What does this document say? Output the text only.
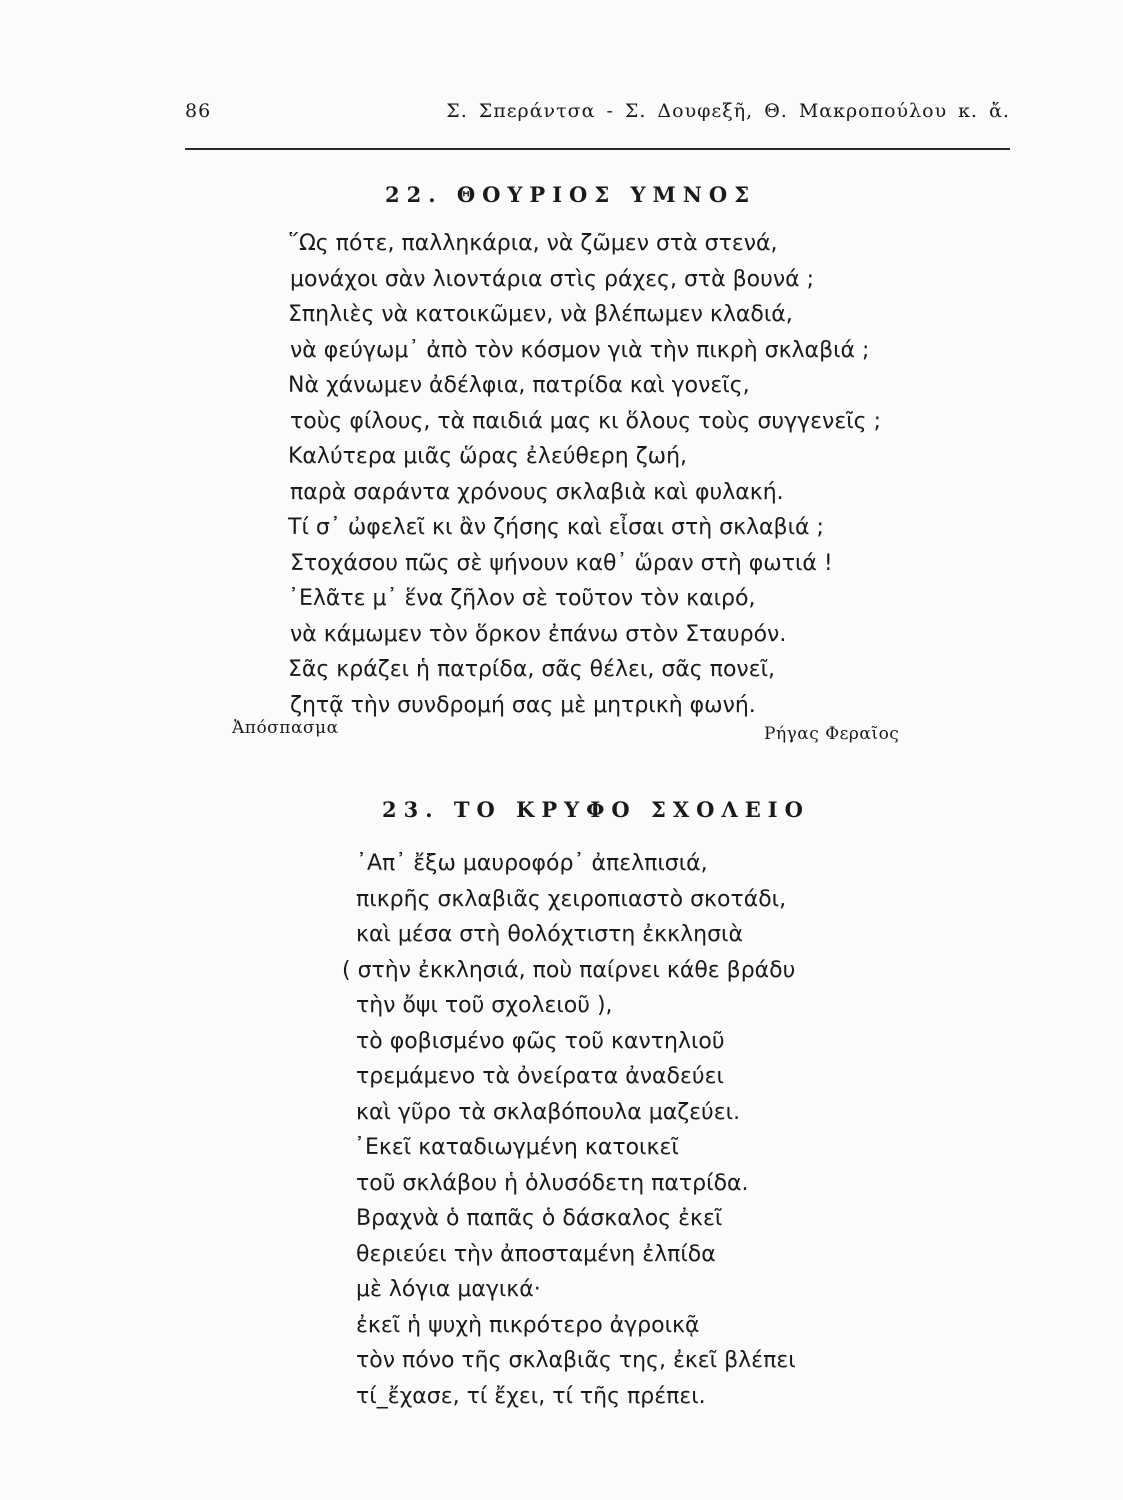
86	Σ. Σπεράντσα - Σ. Δουφεξῆ, Θ. Μακροπούλου κ. ἄ.
22. ΘΟΥΡΙΟΣ ΥΜΝΟΣ
῞Ως πότε, παλληκάρια, νὰ ζῶμεν στὰ στενά,
μονάχοι σὰν λιοντάρια στὶς ράχες, στὰ βουνά ;
Σπηλιὲς νὰ κατοικῶμεν, νὰ βλέπωμεν κλαδιά,
νὰ φεύγωμ᾽ ἀπὸ τὸν κόσμον γιὰ τὴν πικρὴ σκλαβιά ;
Νὰ χάνωμεν ἀδέλφια, πατρίδα καὶ γονεῖς,
τοὺς φίλους, τὰ παιδιά μας κι ὅλους τοὺς συγγενεῖς ;
Καλύτερα μιᾶς ὥρας ἐλεύθερη ζωή,
παρὰ σαράντα χρόνους σκλαβιὰ καὶ φυλακή.
Τί σ᾽ ὠφελεῖ κι ἂν ζήσης καὶ εἶσαι στὴ σκλαβιά ;
Στοχάσου πῶς σὲ ψήνουν καθ᾽ ὥραν στὴ φωτιά !
᾽Ελᾶτε μ᾽ ἕνα ζῆλον σὲ τοῦτον τὸν καιρό,
νὰ κάμωμεν τὸν ὅρκον ἐπάνω στὸν Σταυρόν.
Σᾶς κράζει ἡ πατρίδα, σᾶς θέλει, σᾶς πονεῖ,
ζητᾷ τὴν συνδρομή σας μὲ μητρικὴ φωνή.
Ἀπόσπασμα	Ρήγας Φεραῖος
23. ΤΟ ΚΡΥΦΟ ΣΧΟΛΕΙΟ
᾽Απ᾽ ἔξω μαυροφόρ᾽ ἀπελπισιά,
πικρῆς σκλαβιᾶς χειροπιαστὸ σκοτάδι,
καὶ μέσα στὴ θολόχτιστη ἐκκλησιὰ
( στὴν ἐκκλησιά, ποὺ παίρνει κάθε βράδυ
τὴν ὄψι τοῦ σχολειοῦ ),
τὸ φοβισμένο φῶς τοῦ καντηλιοῦ
τρεμάμενο τὰ ὀνείρατα ἀναδεύει
καὶ γῦρο τὰ σκλαβόπουλα μαζεύει.
᾽Εκεῖ καταδιωγμένη κατοικεῖ
τοῦ σκλάβου ἡ ὁλυσόδετη πατρίδα.
Βραχνὰ ὁ παπᾶς ὁ δάσκαλος ἐκεῖ
θεριεύει τὴν ἀποσταμένη ἐλπίδα
μὲ λόγια μαγικά·
ἐκεῖ ἡ ψυχὴ πικρότερο ἀγροικᾷ
τὸν πόνο τῆς σκλαβιᾶς της, ἐκεῖ βλέπει
τί_ἔχασε, τί ἔχει, τί τῆς πρέπει.
